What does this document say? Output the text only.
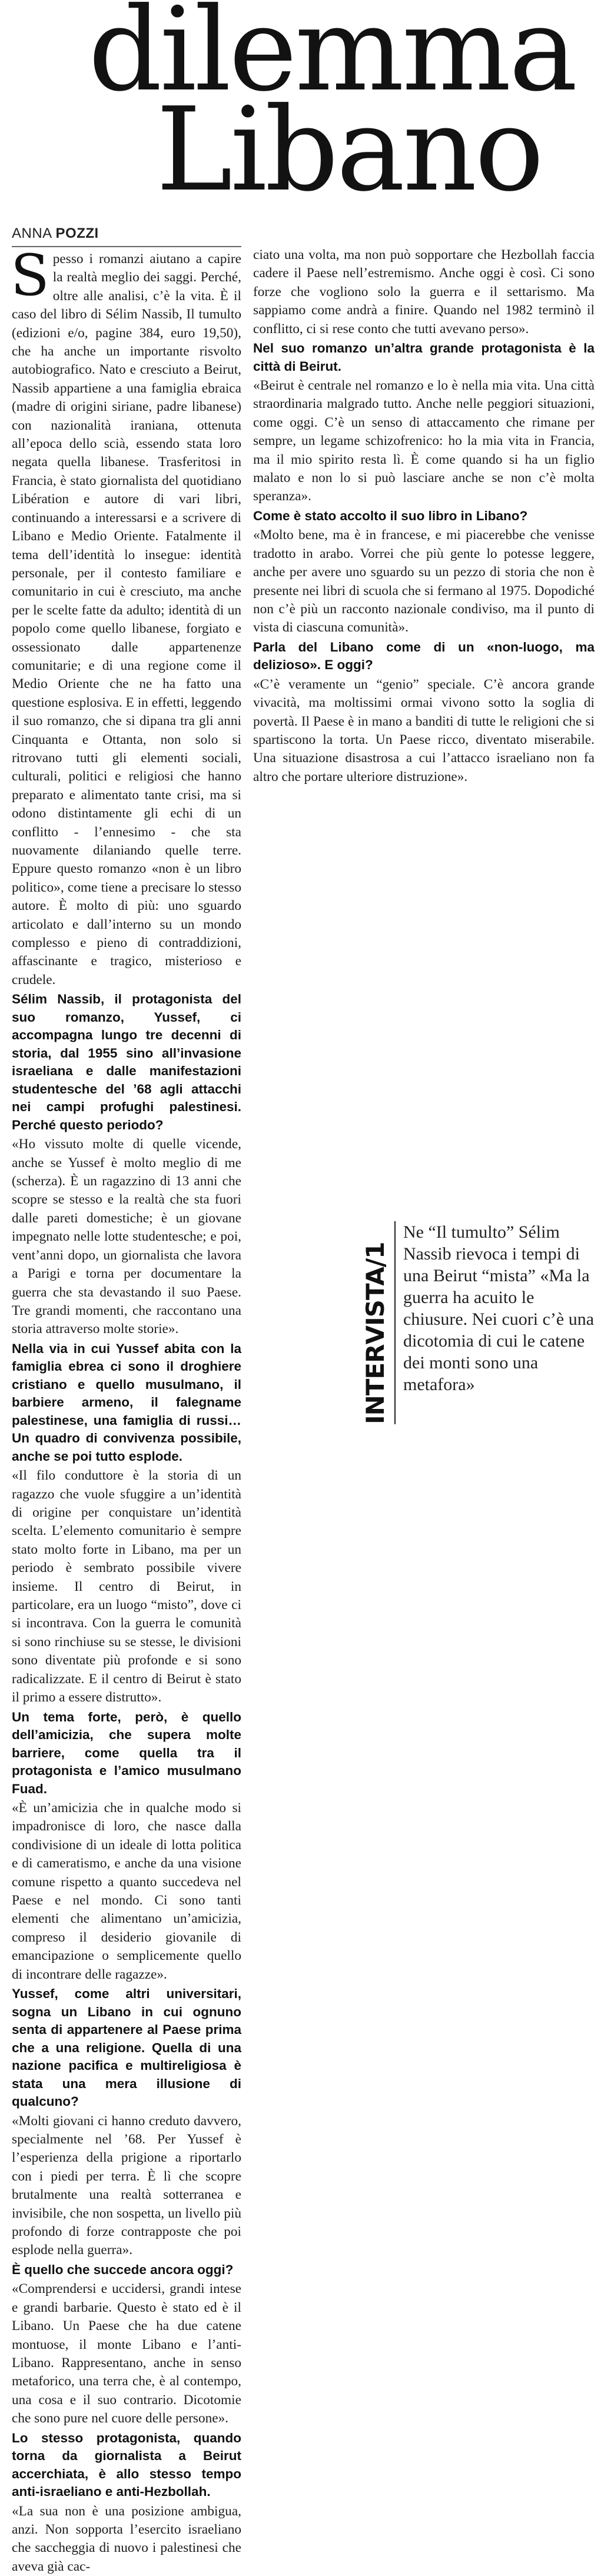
dilemma
Libano
ANNA POZZI

Spesso i romanzi aiutano a capire la realtà meglio dei saggi. Perché, oltre alle analisi, c’è la vita. È il caso del libro di Sélim Nassib, Il tumulto (edizioni e/o, pagine 384, euro 19,50), che ha anche un importante risvolto autobiografico. Nato e cresciuto a Beirut, Nassib appartiene a una famiglia ebraica (madre di origini siriane, padre libanese) con nazionalità iraniana, ottenuta all’epoca dello scià, essendo stata loro negata quella libanese. Trasferitosi in Francia, è stato giornalista del quotidiano Libération e autore di vari libri, continuando a interessarsi e a scrivere di Libano e Medio Oriente. Fatalmente il tema dell’identità lo insegue: identità personale, per il contesto familiare e comunitario in cui è cresciuto, ma anche per le scelte fatte da adulto; identità di un popolo come quello libanese, forgiato e ossessionato dalle appartenenze comunitarie; e di una regione come il Medio Oriente che ne ha fatto una questione esplosiva. E in effetti, leggendo il suo romanzo, che si dipana tra gli anni Cinquanta e Ottanta, non solo si ritrovano tutti gli elementi sociali, culturali, politici e religiosi che hanno preparato e alimentato tante crisi, ma si odono distintamente gli echi di un conflitto - l’ennesimo - che sta nuovamente dilaniando quelle terre. Eppure questo romanzo «non è un libro politico», come tiene a precisare lo stesso autore. È molto di più: uno sguardo articolato e dall’interno su un mondo complesso e pieno di contraddizioni, affascinante e tragico, misterioso e crudele.

Sélim Nassib, il protagonista del suo romanzo, Yussef, ci accompagna lungo tre decenni di storia, dal 1955 sino all’invasione israeliana e dalle manifestazioni studentesche del ’68 agli attacchi nei campi profughi palestinesi. Perché questo periodo?

«Ho vissuto molte di quelle vicende, anche se Yussef è molto meglio di me (scherza). È un ragazzino di 13 anni che scopre se stesso e la realtà che sta fuori dalle pareti domestiche; è un giovane impegnato nelle lotte studentesche; e poi, vent’anni dopo, un giornalista che lavora a Parigi e torna per documentare la guerra che sta devastando il suo Paese. Tre grandi momenti, che raccontano una storia attraverso molte storie».

Nella via in cui Yussef abita con la famiglia ebrea ci sono il droghiere cristiano e quello musulmano, il barbiere armeno, il falegname palestinese, una famiglia di russi… Un quadro di convivenza possibile, anche se poi tutto esplode.

«Il filo conduttore è la storia di un ragazzo che vuole sfuggire a un’identità di origine per conquistare un’identità scelta. L’elemento comunitario è sempre stato molto forte in Libano, ma per un periodo è sembrato possibile vivere insieme. Il centro di Beirut, in particolare, era un luogo “misto”, dove ci si incontrava. Con la guerra le comunità si sono rinchiuse su se stesse, le divisioni sono diventate più profonde e si sono radicalizzate. E il centro di Beirut è stato il primo a essere distrutto».

Un tema forte, però, è quello dell’amicizia, che supera molte barriere, come quella tra il protagonista e l’amico musulmano Fuad.

«È un’amicizia che in qualche modo si impadronisce di loro, che nasce dalla condivisione di un ideale di lotta politica e di cameratismo, e anche da una visione comune rispetto a quanto succedeva nel Paese e nel mondo. Ci sono tanti elementi che alimentano un’amicizia, compreso il desiderio giovanile di emancipazione o semplicemente quello di incontrare delle ragazze».

Yussef, come altri universitari, sogna un Libano in cui ognuno senta di appartenere al Paese prima che a una religione. Quella di una nazione pacifica e multireligiosa è stata una mera illusione di qualcuno?

«Molti giovani ci hanno creduto davvero, specialmente nel ’68. Per Yussef è l’esperienza della prigione a riportarlo con i piedi per terra. È lì che scopre brutalmente una realtà sotterranea e invisibile, che non sospetta, un livello più profondo di forze contrapposte che poi esplode nella guerra».

È quello che succede ancora oggi?

«Comprendersi e uccidersi, grandi intese e grandi barbarie. Questo è stato ed è il Libano. Un Paese che ha due catene montuose, il monte Libano e l’anti-Libano. Rappresentano, anche in senso metaforico, una terra che, è al contempo, una cosa e il suo contrario. Dicotomie che sono pure nel cuore delle persone».

Lo stesso protagonista, quando torna da giornalista a Beirut accerchiata, è allo stesso tempo anti-israeliano e anti-Hezbollah.

«La sua non è una posizione ambigua, anzi. Non sopporta l’esercito israeliano che saccheggia di nuovo i palestinesi che aveva già cac-

ciato una volta, ma non può sopportare che Hezbollah faccia cadere il Paese nell’estremismo. Anche oggi è così. Ci sono forze che vogliono solo la guerra e il settarismo. Ma sappiamo come andrà a finire. Quando nel 1982 terminò il conflitto, ci si rese conto che tutti avevano perso».

Nel suo romanzo un’altra grande protagonista è la città di Beirut.

«Beirut è centrale nel romanzo e lo è nella mia vita. Una città straordinaria malgrado tutto. Anche nelle peggiori situazioni, come oggi. C’è un senso di attaccamento che rimane per sempre, un legame schizofrenico: ho la mia vita in Francia, ma il mio spirito resta lì. È come quando si ha un figlio malato e non lo si può lasciare anche se non c’è molta speranza».

Come è stato accolto il suo libro in Libano?

«Molto bene, ma è in francese, e mi piacerebbe che venisse tradotto in arabo. Vorrei che più gente lo potesse leggere, anche per avere uno sguardo su un pezzo di storia che non è presente nei libri di scuola che si fermano al 1975. Dopodiché non c’è più un racconto nazionale condiviso, ma il punto di vista di ciascuna comunità».

Parla del Libano come di un «non-luogo, ma delizioso». E oggi?

«C’è veramente un “genio” speciale. C’è ancora grande vivacità, ma moltissimi ormai vivono sotto la soglia di povertà. Il Paese è in mano a banditi di tutte le religioni che si spartiscono la torta. Un Paese ricco, diventato miserabile. Una situazione disastrosa a cui l’attacco israeliano non fa altro che portare ulteriore distruzione».

INTERVISTA/1
Ne “Il tumulto” Sélim Nassib rievoca i tempi di una Beirut “mista” «Ma la guerra ha acuito le chiusure. Nei cuori c’è una dicotomia di cui le catene dei monti sono una metafora»
